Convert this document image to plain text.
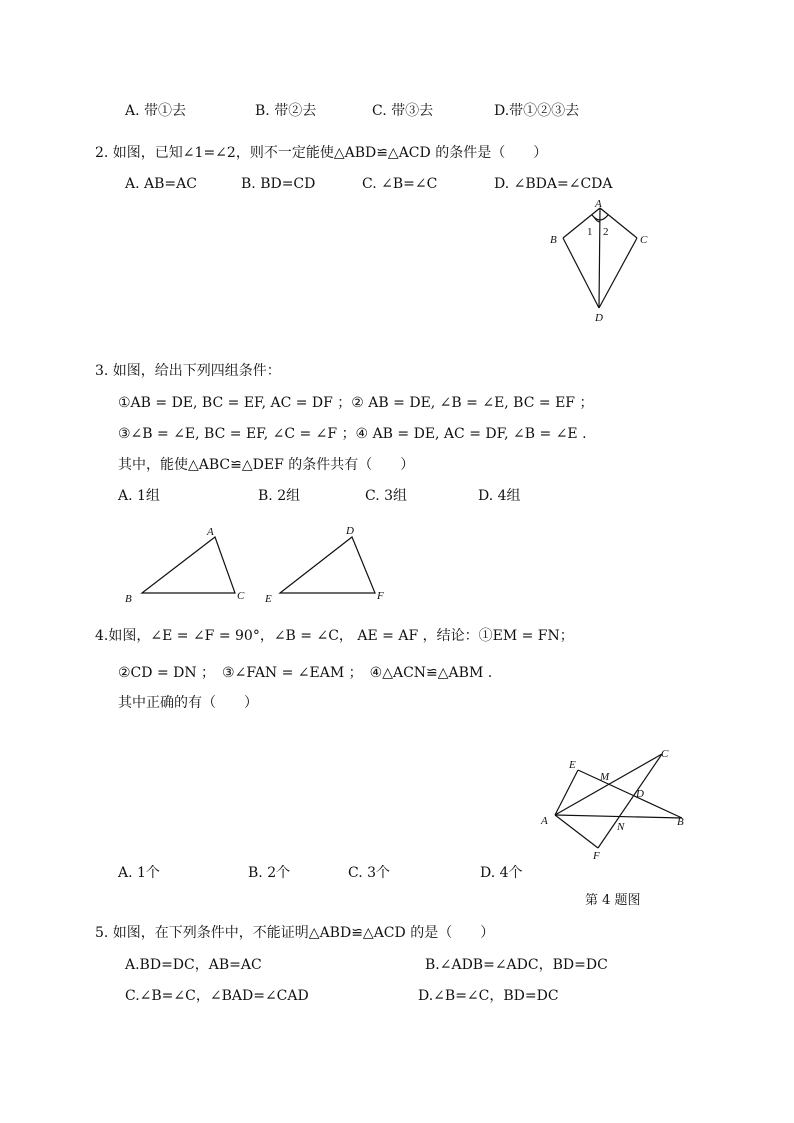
A. 带①去	B. 带②去	C. 带③去	D.带①②③去
2. 如图，已知∠1=∠2，则不一定能使△ABD≌△ACD 的条件是（　　）
A. AB=AC	B. BD=CD	C. ∠B=∠C	D. ∠BDA=∠CDA
A
B	C
D
1 2
3. 如图，给出下列四组条件：
①AB = DE, BC = EF, AC = DF ；② AB = DE, ∠B = ∠E, BC = EF ；
③∠B = ∠E, BC = EF, ∠C = ∠F ；④ AB = DE, AC = DF, ∠B = ∠E .
其中，能使△ABC≌△DEF 的条件共有（　　）
A. 1组	B. 2组	C. 3组	D. 4组
A
B	C
D
E	F
4.如图，∠E = ∠F = 90°，∠B = ∠C， AE = AF ，结论：①EM = FN；
②CD = DN ；　③∠FAN = ∠EAM ；　④△ACN≌△ABM .
其中正确的有（　　）
E
C
M
D
A	N	B
F
A. 1个	B. 2个	C. 3个	D. 4个
第 4 题图
5. 如图，在下列条件中，不能证明△ABD≌△ACD 的是（　　）
A.BD=DC，AB=AC	B.∠ADB=∠ADC，BD=DC
C.∠B=∠C，∠BAD=∠CAD	D.∠B=∠C，BD=DC
